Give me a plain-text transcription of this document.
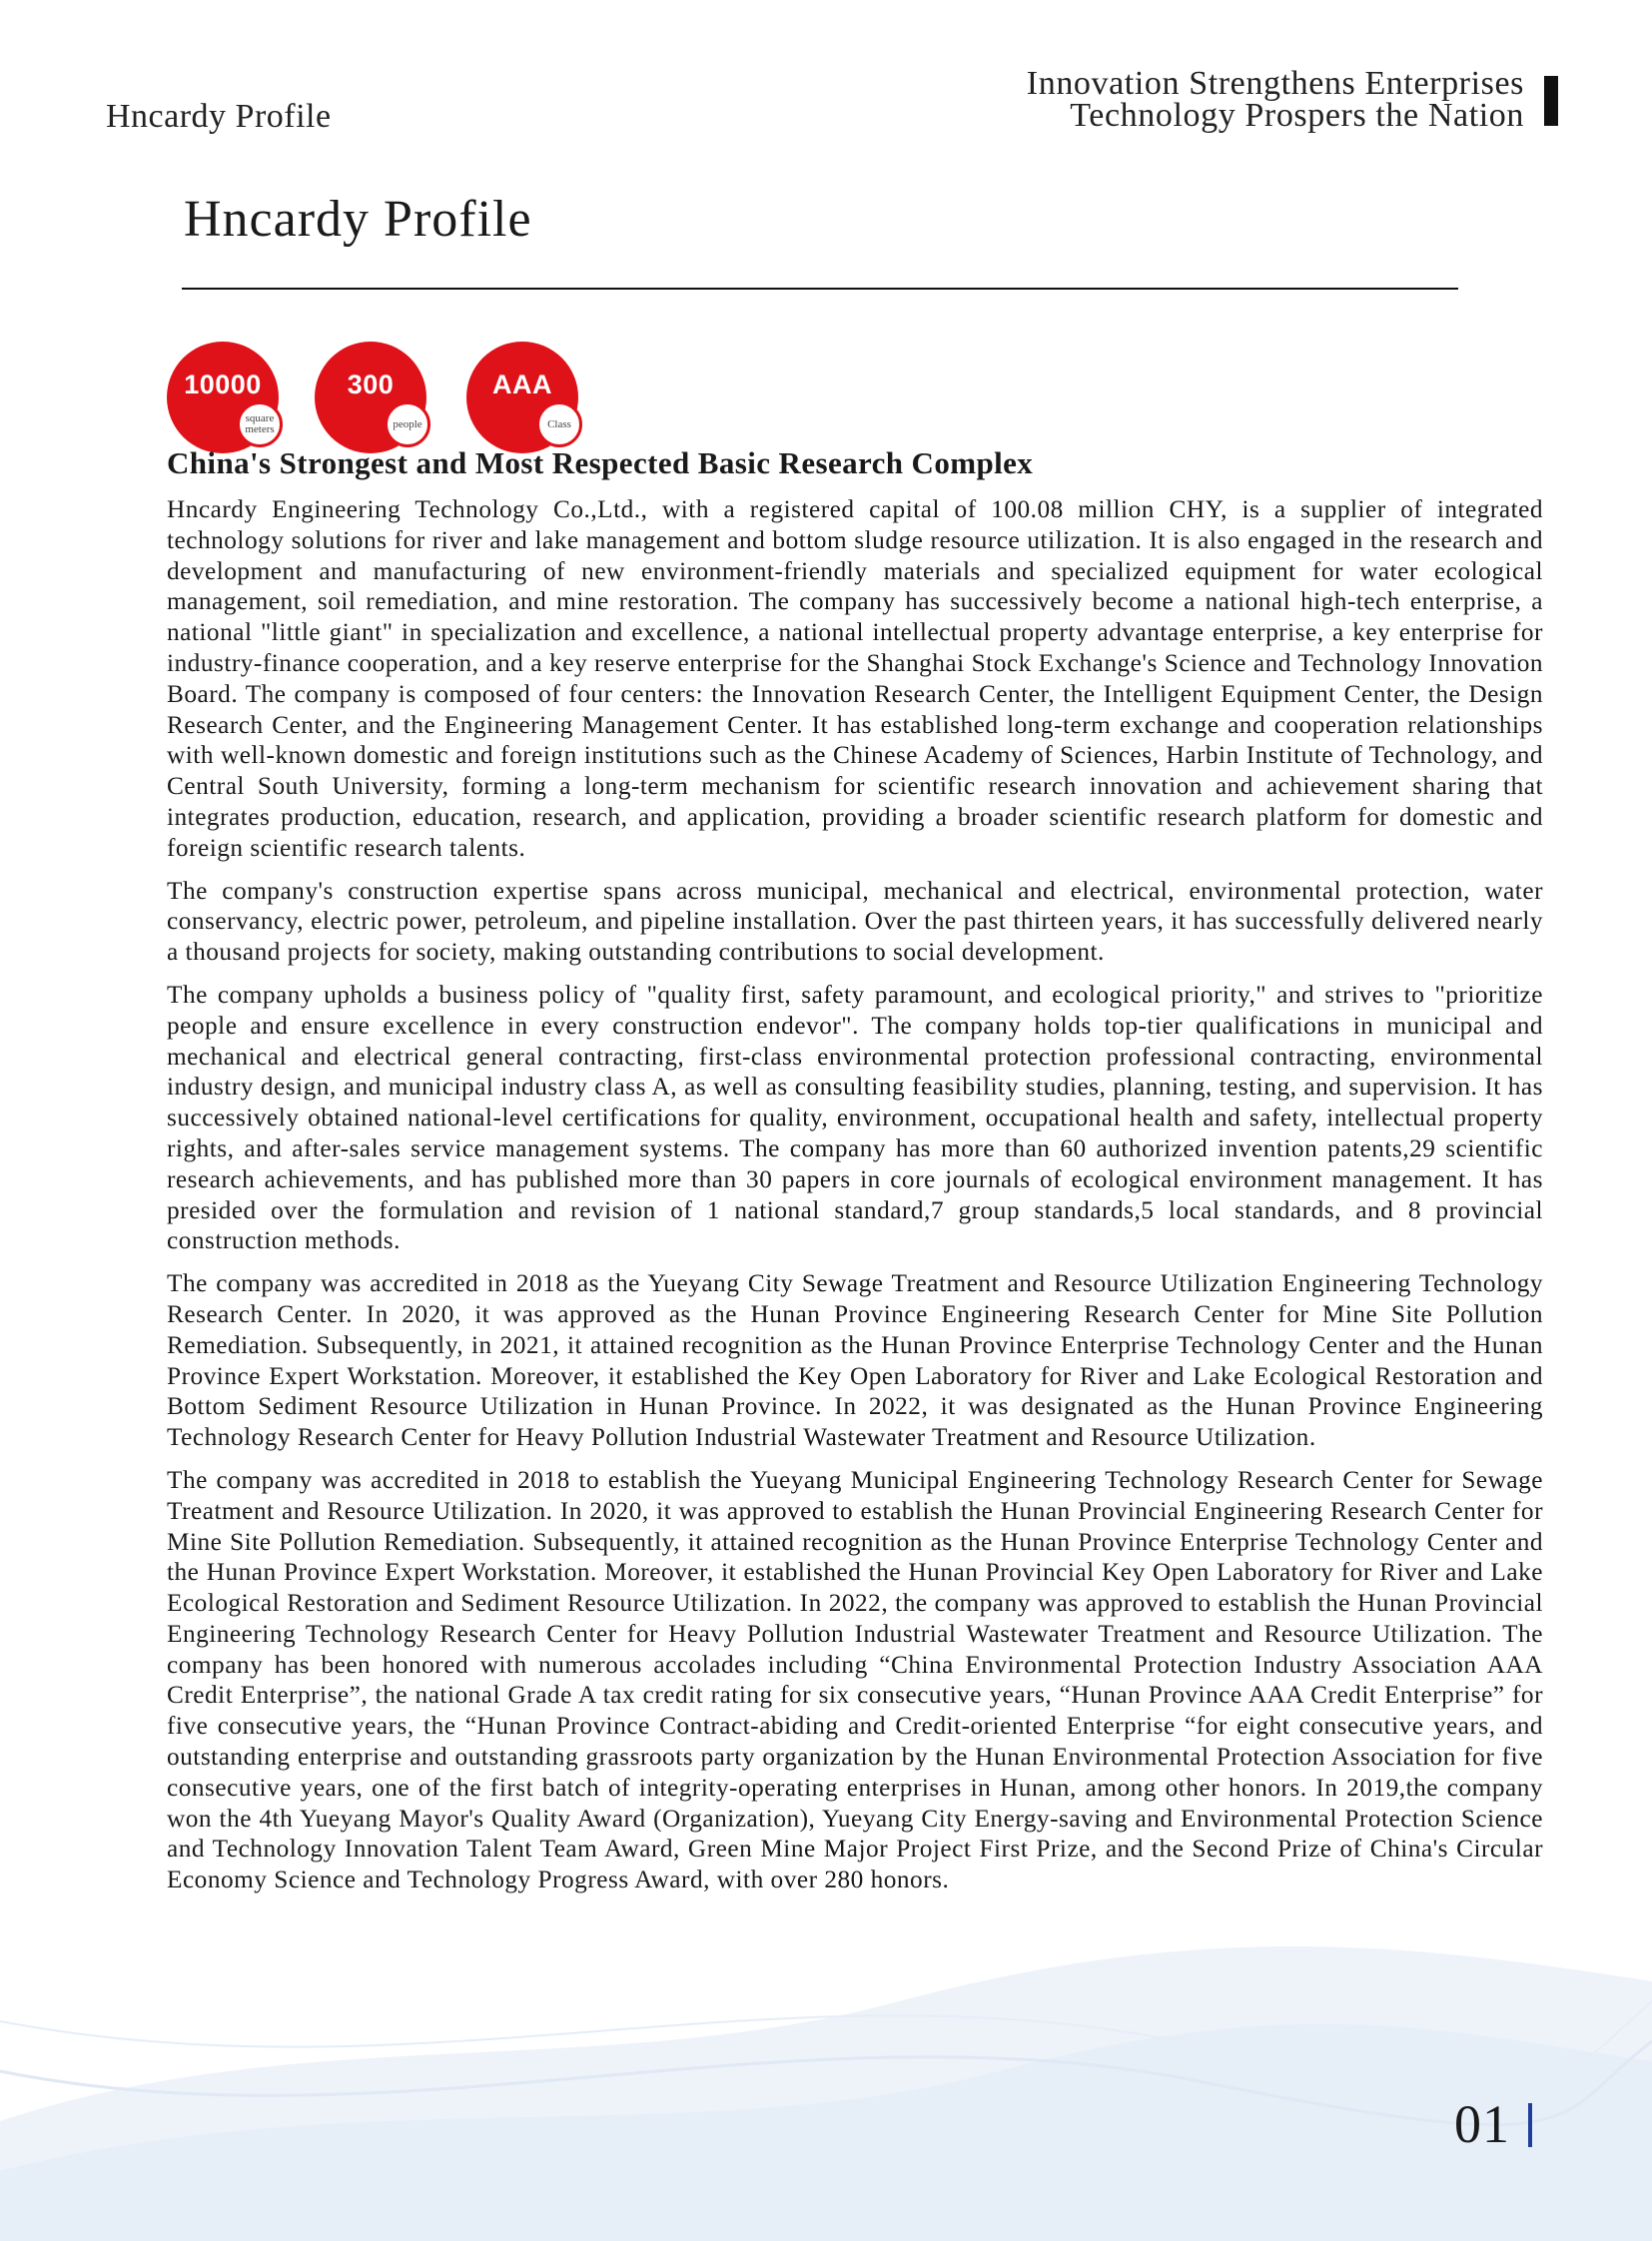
Hncardy Profile
Innovation Strengthens Enterprises
Technology Prospers the Nation
Hncardy Profile
10000
square
meters
300
people
AAA
Class
China's Strongest and Most Respected Basic Research Complex

Hncardy Engineering Technology Co.,Ltd., with a registered capital of 100.08 million CHY, is a supplier of integrated technology solutions for river and lake management and bottom sludge resource utilization. It is also engaged in the research and development and manufacturing of new environment-friendly materials and specialized equipment for water ecological management, soil remediation, and mine restoration. The company has successively become a national high-tech enterprise, a national "little giant" in specialization and excellence, a national intellectual property advantage enterprise, a key enterprise for industry-finance cooperation, and a key reserve enterprise for the Shanghai Stock Exchange's Science and Technology Innovation Board. The company is composed of four centers: the Innovation Research Center, the Intelligent Equipment Center, the Design Research Center, and the Engineering Management Center. It has established long-term exchange and cooperation relationships with well-known domestic and foreign institutions such as the Chinese Academy of Sciences, Harbin Institute of Technology, and Central South University, forming a long-term mechanism for scientific research innovation and achievement sharing that integrates production, education, research, and application, providing a broader scientific research platform for domestic and foreign scientific research talents.

The company's construction expertise spans across municipal, mechanical and electrical, environmental protection, water conservancy, electric power, petroleum, and pipeline installation. Over the past thirteen years, it has successfully delivered nearly a thousand projects for society, making outstanding contributions to social development.

The company upholds a business policy of "quality first, safety paramount, and ecological priority," and strives to "prioritize people and ensure excellence in every construction endevor". The company holds top-tier qualifications in municipal and mechanical and electrical general contracting, first-class environmental protection professional contracting, environmental industry design, and municipal industry class A, as well as consulting feasibility studies, planning, testing, and supervision. It has successively obtained national-level certifications for quality, environment, occupational health and safety, intellectual property rights, and after-sales service management systems. The company has more than 60 authorized invention patents,29 scientific research achievements, and has published more than 30 papers in core journals of ecological environment management. It has presided over the formulation and revision of 1 national standard,7 group standards,5 local standards, and 8 provincial construction methods.

The company was accredited in 2018 as the Yueyang City Sewage Treatment and Resource Utilization Engineering Technology Research Center. In 2020, it was approved as the Hunan Province Engineering Research Center for Mine Site Pollution Remediation. Subsequently, in 2021, it attained recognition as the Hunan Province Enterprise Technology Center and the Hunan Province Expert Workstation. Moreover, it established the Key Open Laboratory for River and Lake Ecological Restoration and Bottom Sediment Resource Utilization in Hunan Province. In 2022, it was designated as the Hunan Province Engineering Technology Research Center for Heavy Pollution Industrial Wastewater Treatment and Resource Utilization.

The company was accredited in 2018 to establish the Yueyang Municipal Engineering Technology Research Center for Sewage Treatment and Resource Utilization. In 2020, it was approved to establish the Hunan Provincial Engineering Research Center for Mine Site Pollution Remediation. Subsequently, it attained recognition as the Hunan Province Enterprise Technology Center and the Hunan Province Expert Workstation. Moreover, it established the Hunan Provincial Key Open Laboratory for River and Lake Ecological Restoration and Sediment Resource Utilization. In 2022, the company was approved to establish the Hunan Provincial Engineering Technology Research Center for Heavy Pollution Industrial Wastewater Treatment and Resource Utilization. The company has been honored with numerous accolades including “China Environmental Protection Industry Association AAA Credit Enterprise”, the national Grade A tax credit rating for six consecutive years, “Hunan Province AAA Credit Enterprise” for five consecutive years, the “Hunan Province Contract-abiding and Credit-oriented Enterprise “for eight consecutive years, and outstanding enterprise and outstanding grassroots party organization by the Hunan Environmental Protection Association for five consecutive years, one of the first batch of integrity-operating enterprises in Hunan, among other honors. In 2019,the company won the 4th Yueyang Mayor's Quality Award (Organization), Yueyang City Energy-saving and Environmental Protection Science and Technology Innovation Talent Team Award, Green Mine Major Project First Prize, and the Second Prize of China's Circular Economy Science and Technology Progress Award, with over 280 honors.

01
